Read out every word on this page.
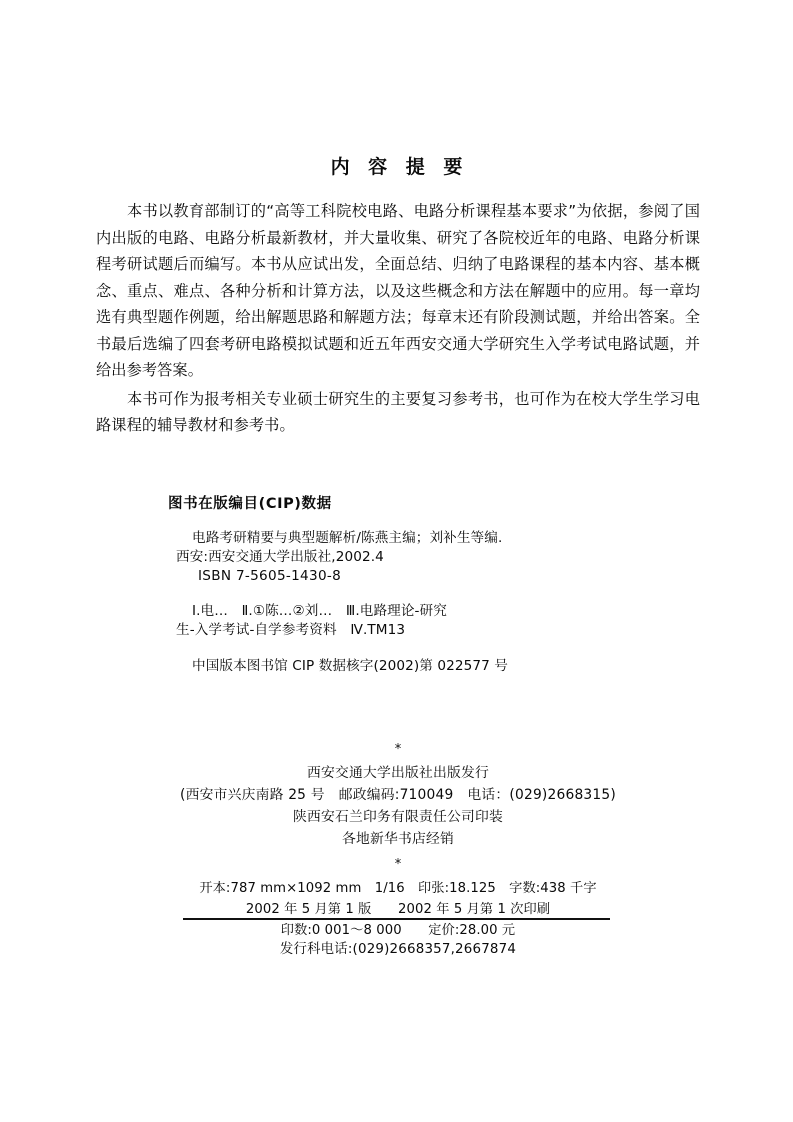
内 容 提 要

本书以教育部制订的“高等工科院校电路、电路分析课程基本要求”为依据，参阅了国内出版的电路、电路分析最新教材，并大量收集、研究了各院校近年的电路、电路分析课程考研试题后而编写。本书从应试出发，全面总结、归纳了电路课程的基本内容、基本概念、重点、难点、各种分析和计算方法，以及这些概念和方法在解题中的应用。每一章均选有典型题作例题，给出解题思路和解题方法；每章末还有阶段测试题，并给出答案。全书最后选编了四套考研电路模拟试题和近五年西安交通大学研究生入学考试电路试题，并给出参考答案。

本书可作为报考相关专业硕士研究生的主要复习参考书，也可作为在校大学生学习电路课程的辅导教材和参考书。

图书在版编目(CIP)数据
电路考研精要与典型题解析/陈燕主编；刘补生等编.
西安:西安交通大学出版社,2002.4
ISBN 7-5605-1430-8
Ⅰ.电…　Ⅱ.①陈…②刘…　Ⅲ.电路理论-研究
生-入学考试-自学参考资料　Ⅳ.TM13
中国版本图书馆 CIP 数据核字(2002)第 022577 号
*
西安交通大学出版社出版发行
(西安市兴庆南路 25 号　邮政编码:710049　电话：(029)2668315)
陕西安石兰印务有限责任公司印装
各地新华书店经销
*
开本:787 mm×1092 mm　1/16　印张:18.125　字数:438 千字
2002 年 5 月第 1 版　　2002 年 5 月第 1 次印刷
印数:0 001～8 000　　定价:28.00 元
发行科电话:(029)2668357,2667874
